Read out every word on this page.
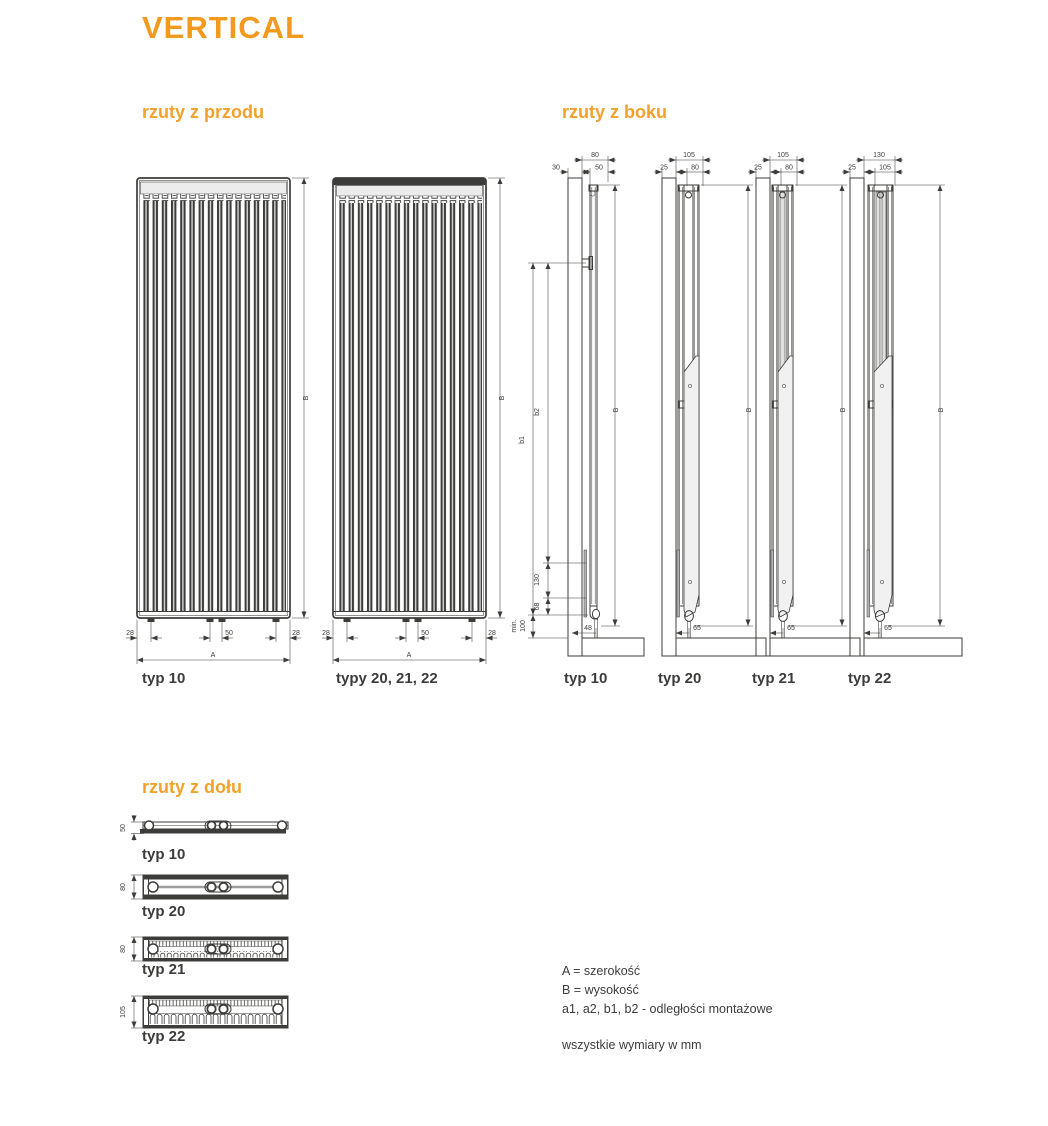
VERTICAL
rzuty z przodu	rzuty z boku
rzuty z dołu
B
28	50	28
A
B
28	50	28
A
80
30	50
b1
b2
130
68
min. 100
B
48
105
25	80
B
65
105
25	80
B
65
130
25	105
B
65
typ 10	typy 20, 21, 22	typ 10	typ 20	typ 21	typ 22
50
typ 10
80
typ 20
80
typ 21
105
typ 22
A = szerokość
B = wysokość
a1, a2, b1, b2 - odległości montażowe
wszystkie wymiary w mm
